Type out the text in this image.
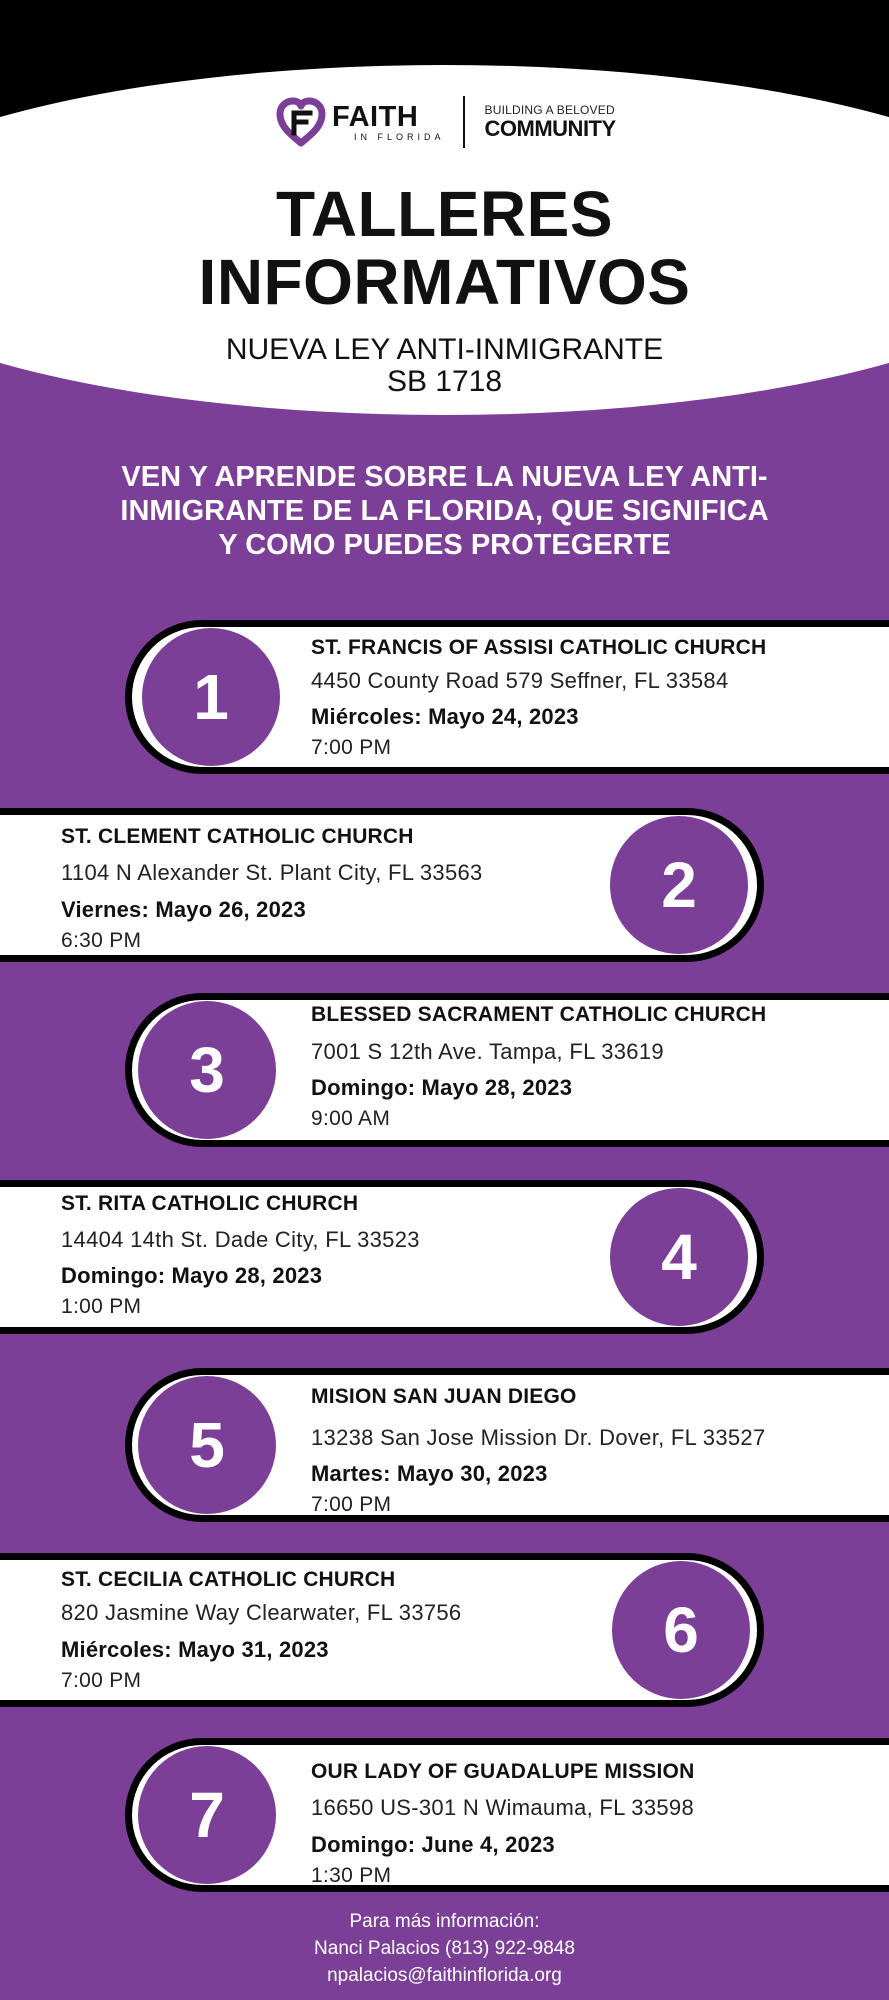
FAITH
IN FLORIDA
BUILDING A BELOVED
COMMUNITY
TALLERES
INFORMATIVOS
NUEVA LEY ANTI-INMIGRANTE
SB 1718
VEN Y APRENDE SOBRE LA NUEVA LEY ANTI-INMIGRANTE DE LA FLORIDA, QUE SIGNIFICA Y COMO PUEDES PROTEGERTE
1
ST. FRANCIS OF ASSISI CATHOLIC CHURCH
4450 County Road 579 Seffner, FL 33584
Miércoles: Mayo 24, 2023
7:00 PM
2
ST. CLEMENT CATHOLIC CHURCH
1104 N Alexander St. Plant City, FL 33563
Viernes: Mayo 26, 2023
6:30 PM
3
BLESSED SACRAMENT CATHOLIC CHURCH
7001 S 12th Ave. Tampa, FL 33619
Domingo: Mayo 28, 2023
9:00 AM
4
ST. RITA CATHOLIC CHURCH
14404 14th St. Dade City, FL 33523
Domingo: Mayo 28, 2023
1:00 PM
5
MISION SAN JUAN DIEGO
13238 San Jose Mission Dr. Dover, FL 33527
Martes: Mayo 30, 2023
7:00 PM
6
ST. CECILIA CATHOLIC CHURCH
820 Jasmine Way Clearwater, FL 33756
Miércoles: Mayo 31, 2023
7:00 PM
7
OUR LADY OF GUADALUPE MISSION
16650 US-301 N Wimauma, FL 33598
Domingo: June 4, 2023
1:30 PM
Para más información:
Nanci Palacios (813) 922-9848
npalacios@faithinflorida.org
